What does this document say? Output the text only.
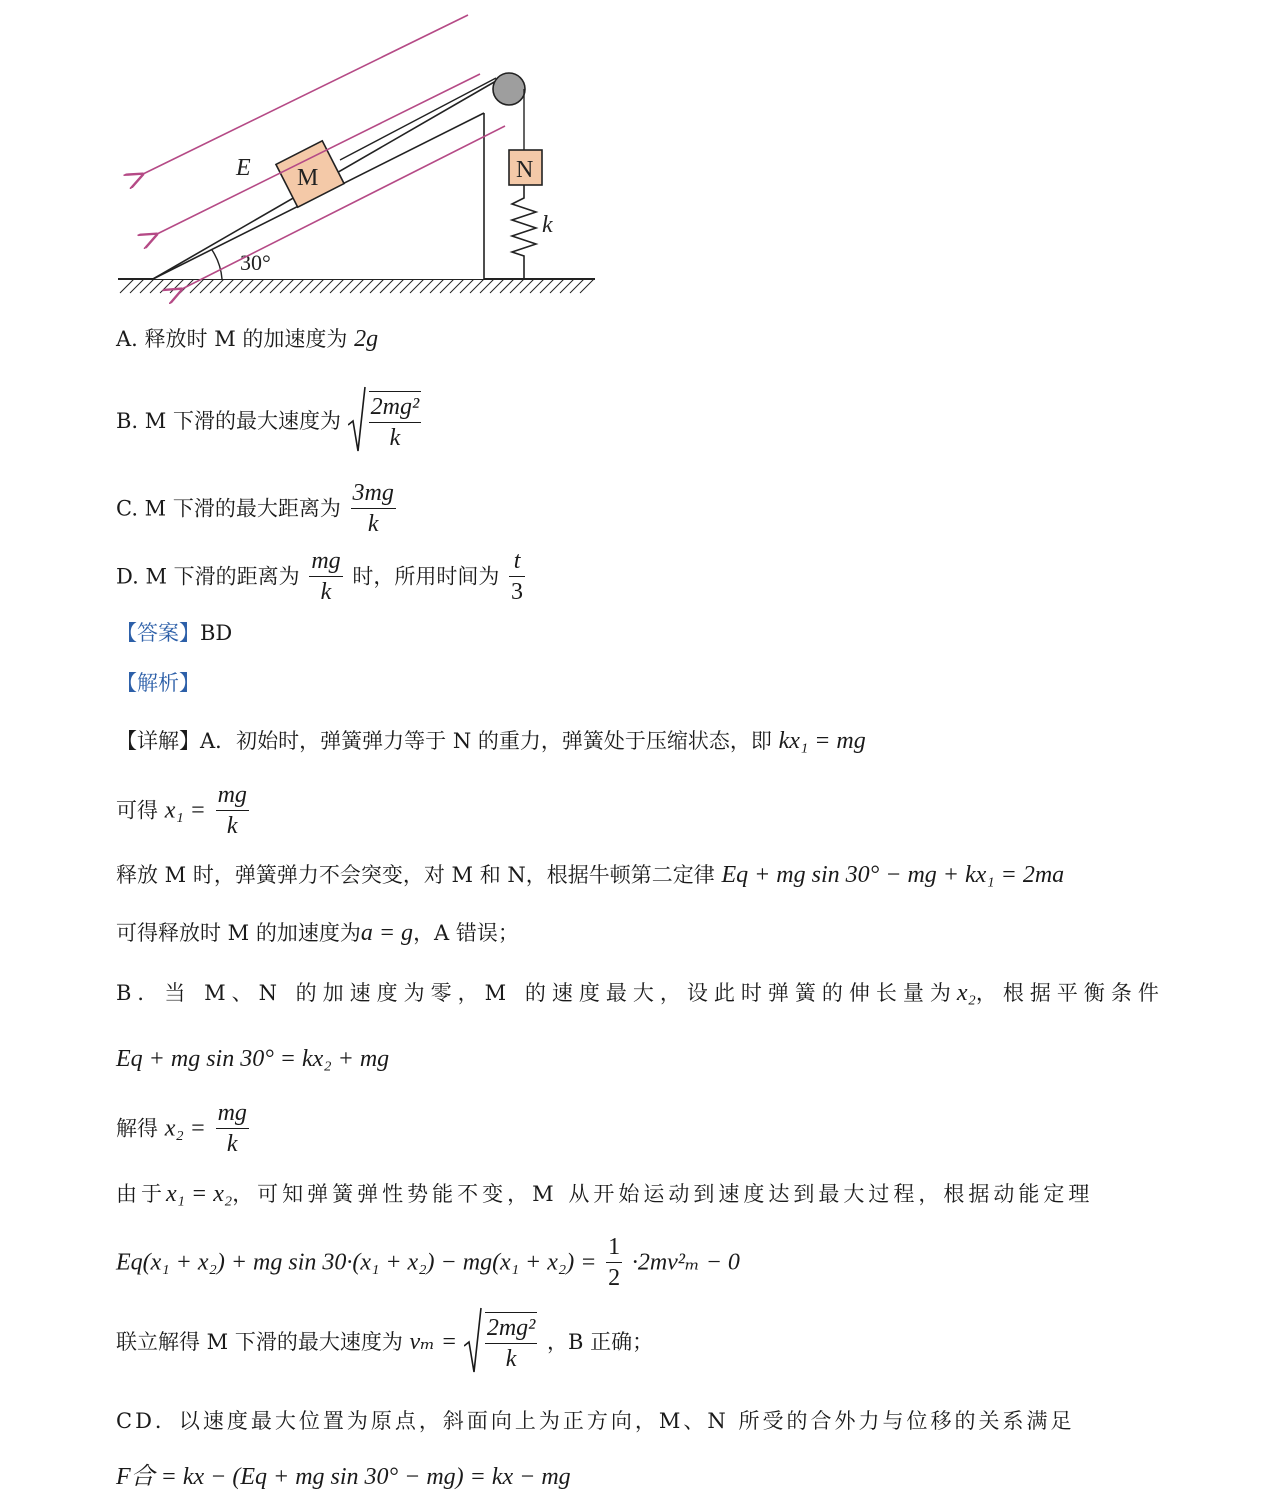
30°
M	N
k
E
A. 释放时 M 的加速度为 2g
B. M 下滑的最大速度为 $\frac{\text{2mg²}}{k}$
C. M 下滑的最大距离为 $\frac{3mg}{k}$
D. M 下滑的距离为 $\frac{mg}{k}$ 时，所用时间为 $\frac{t}{3}$
【答案】BD
【解析】
【详解】A．初始时，弹簧弹力等于 N 的重力，弹簧处于压缩状态，即 kx₁ = mg
可得 $x_1 = \frac{mg}{k}$
释放 M 时，弹簧弹力不会突变，对 M 和 N，根据牛顿第二定律 Eq + mg sin 30° − mg + kx₁ = 2ma
可得释放时 M 的加速度为a = g，A 错误；
B．当 M、N 的加速度为零，M 的速度最大，设此时弹簧的伸长量为x₂，根据平衡条件
Eq + mg sin 30° = kx₂ + mg
解得 $x_2 = \frac{mg}{k}$
由于x₁ = x₂，可知弹簧弹性势能不变，M 从开始运动到速度达到最大过程，根据动能定理
Eq(x₁ + x₂) + mg $\sin 30\cdot(x_1 + x_2) - mg(x_1 + x_2) = \frac{1}{2} \cdot 2mv^2_m - 0$
联立解得 M 下滑的最大速度为 $v_m = \frac{\text{2mg²}}{k}$ ，B 正确；
CD．以速度最大位置为原点，斜面向上为正方向，M、N 所受的合外力与位移的关系满足
F合 = kx − (Eq + mg sin 30° − mg) = kx − mg
